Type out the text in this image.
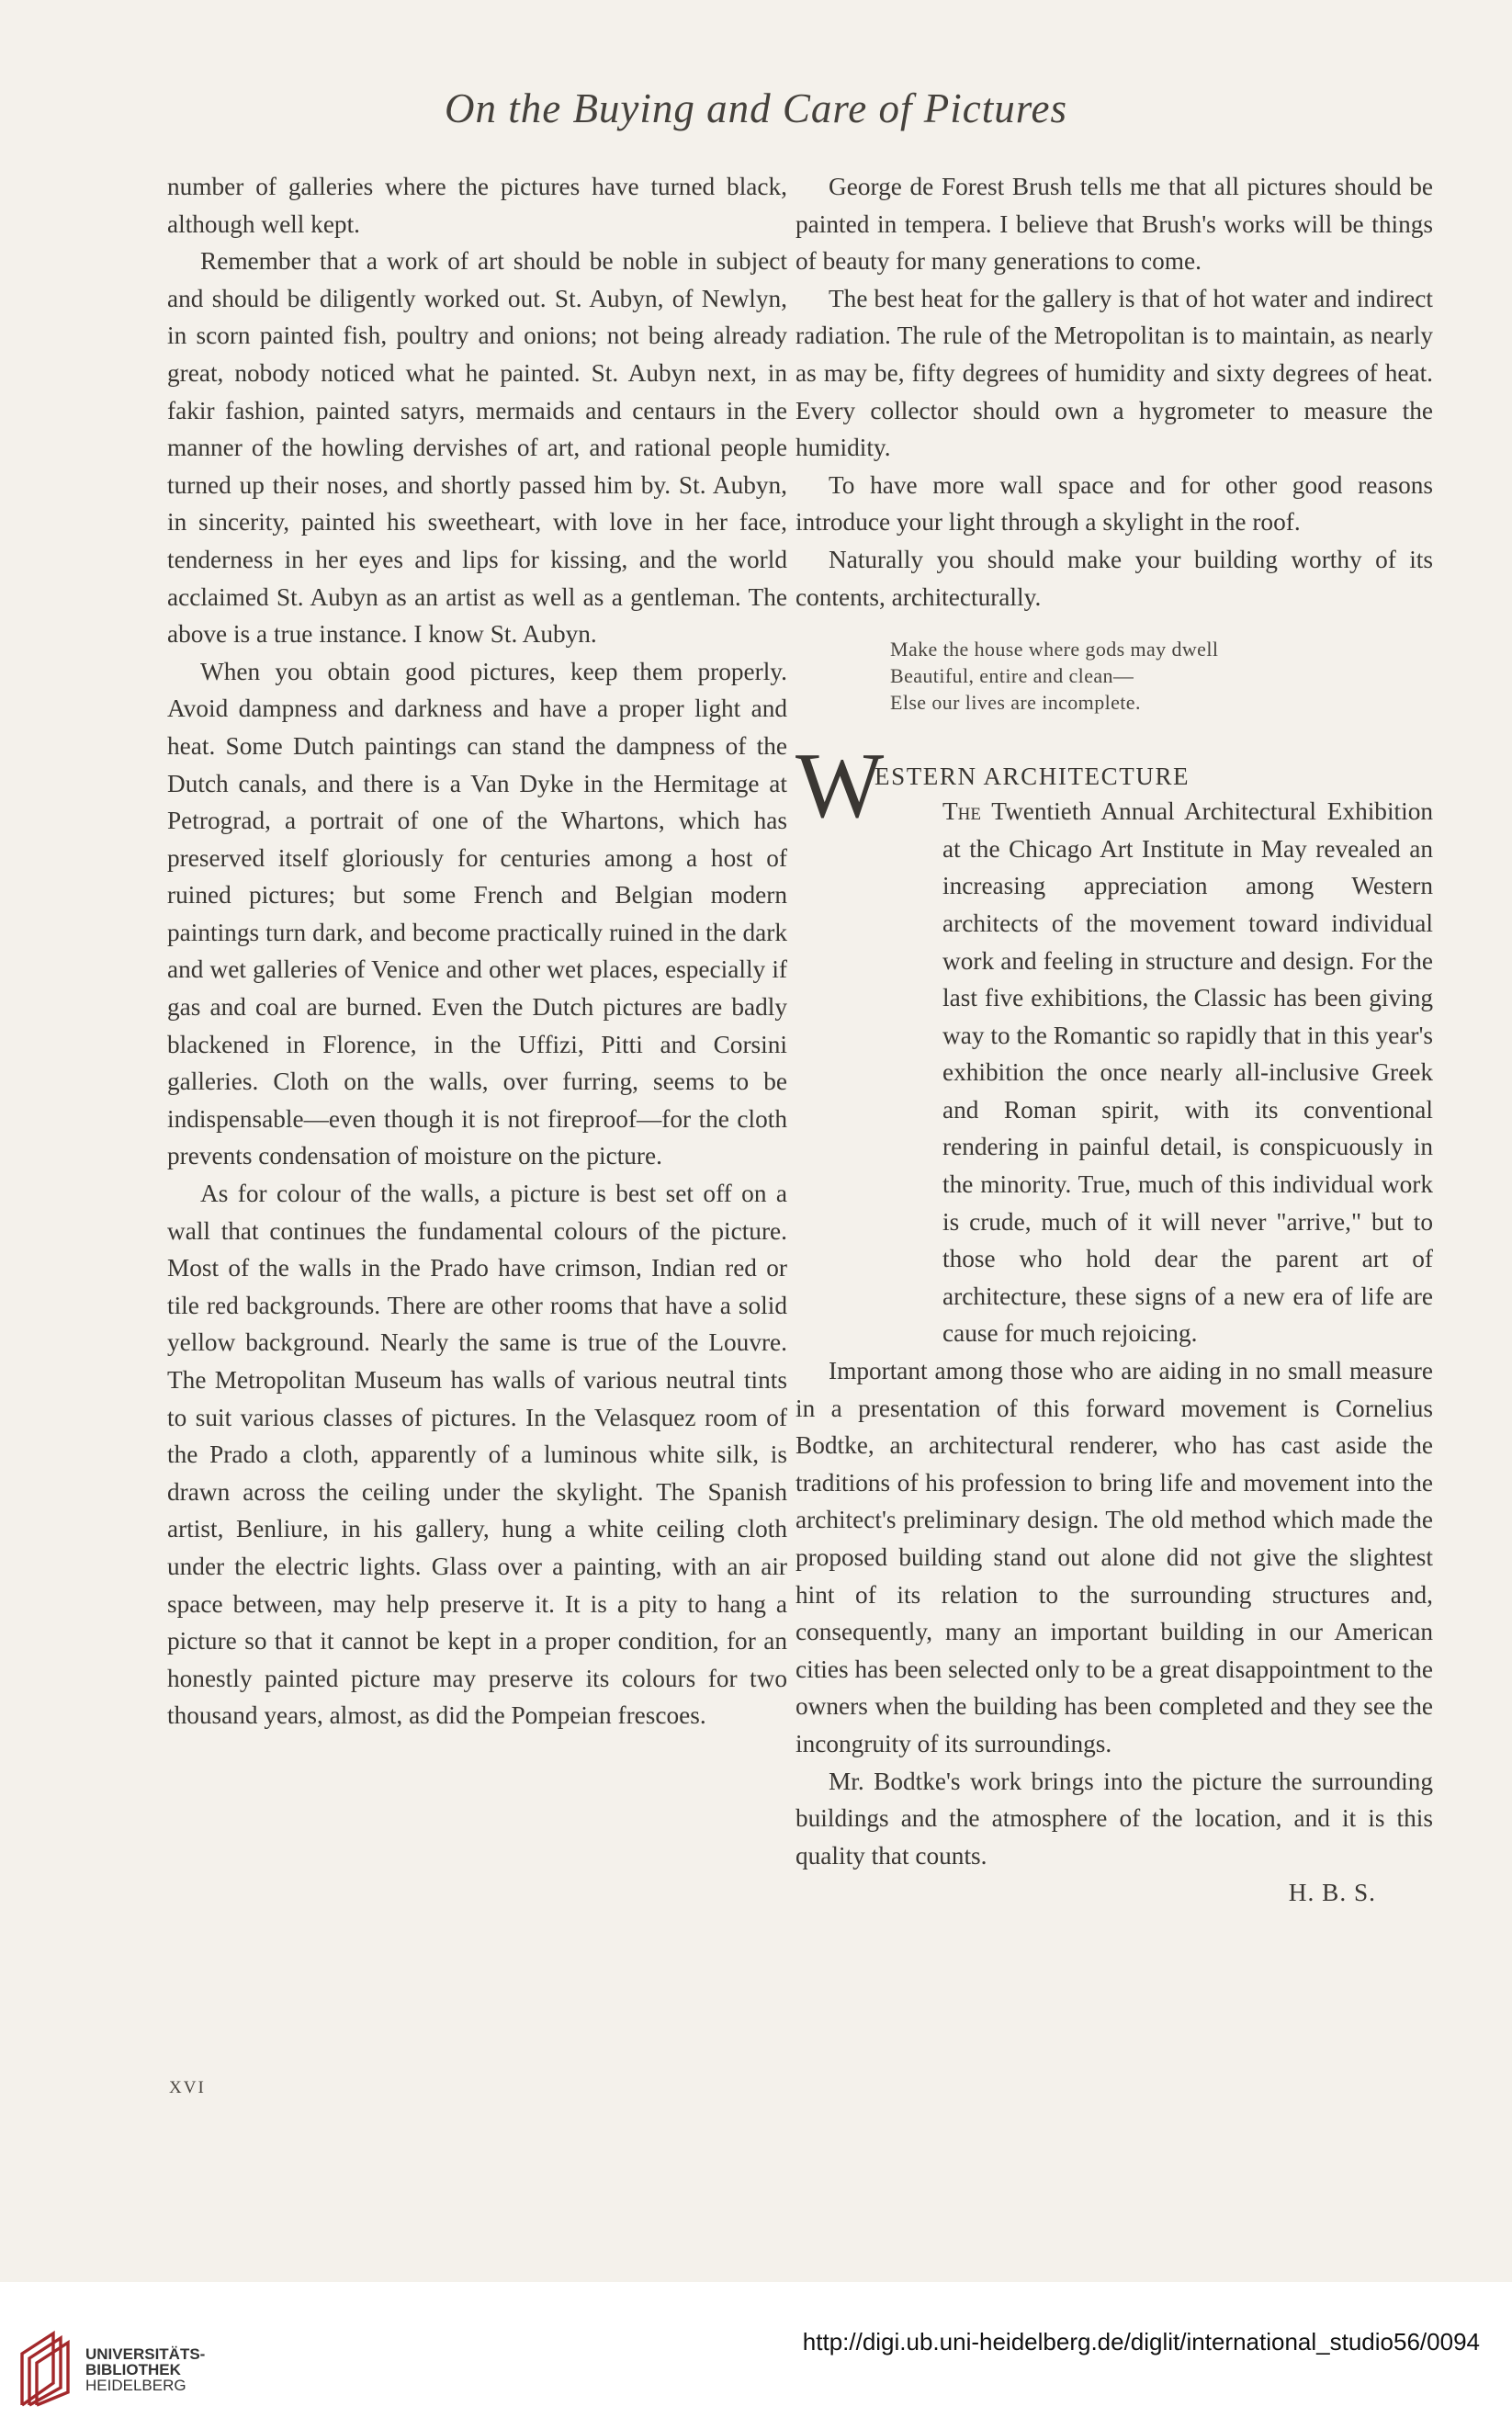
On the Buying and Care of Pictures

number of galleries where the pictures have turned black, although well kept.

Remember that a work of art should be noble in subject and should be diligently worked out. St. Aubyn, of Newlyn, in scorn painted fish, poultry and onions; not being already great, nobody noticed what he painted. St. Aubyn next, in fakir fashion, painted satyrs, mermaids and centaurs in the manner of the howling dervishes of art, and rational people turned up their noses, and shortly passed him by. St. Aubyn, in sincerity, painted his sweetheart, with love in her face, tenderness in her eyes and lips for kissing, and the world acclaimed St. Aubyn as an artist as well as a gentleman. The above is a true instance. I know St. Aubyn.

When you obtain good pictures, keep them properly. Avoid dampness and darkness and have a proper light and heat. Some Dutch paintings can stand the dampness of the Dutch canals, and there is a Van Dyke in the Hermitage at Petrograd, a portrait of one of the Whartons, which has preserved itself gloriously for centuries among a host of ruined pictures; but some French and Belgian modern paintings turn dark, and become practically ruined in the dark and wet galleries of Venice and other wet places, especially if gas and coal are burned. Even the Dutch pictures are badly blackened in Florence, in the Uffizi, Pitti and Corsini galleries. Cloth on the walls, over furring, seems to be indispensable—even though it is not fireproof—for the cloth prevents condensation of moisture on the picture.

As for colour of the walls, a picture is best set off on a wall that continues the fundamental colours of the picture. Most of the walls in the Prado have crimson, Indian red or tile red backgrounds. There are other rooms that have a solid yellow background. Nearly the same is true of the Louvre. The Metropolitan Museum has walls of various neutral tints to suit various classes of pictures. In the Velasquez room of the Prado a cloth, apparently of a luminous white silk, is drawn across the ceiling under the skylight. The Spanish artist, Benliure, in his gallery, hung a white ceiling cloth under the electric lights. Glass over a painting, with an air space between, may help preserve it. It is a pity to hang a picture so that it cannot be kept in a proper condition, for an honestly painted picture may preserve its colours for two thousand years, almost, as did the Pompeian frescoes.

George de Forest Brush tells me that all pictures should be painted in tempera. I believe that Brush's works will be things of beauty for many generations to come.

The best heat for the gallery is that of hot water and indirect radiation. The rule of the Metropolitan is to maintain, as nearly as may be, fifty degrees of humidity and sixty degrees of heat. Every collector should own a hygrometer to measure the humidity.

To have more wall space and for other good reasons introduce your light through a skylight in the roof.

Naturally you should make your building worthy of its contents, architecturally.

Make the house where gods may dwell
Beautiful, entire and clean—
Else our lives are incomplete.
W
ESTERN ARCHITECTURE

The Twentieth Annual Architectural Exhibition at the Chicago Art Institute in May revealed an increasing appreciation among Western architects of the movement toward individual work and feeling in structure and design. For the last five exhibitions, the Classic has been giving way to the Romantic so rapidly that in this year's exhibition the once nearly all-inclusive Greek and Roman spirit, with its conventional rendering in painful detail, is conspicuously in the minority. True, much of this individual work is crude, much of it will never "arrive," but to those who hold dear the parent art of architecture, these signs of a new era of life are cause for much rejoicing.

Important among those who are aiding in no small measure in a presentation of this forward movement is Cornelius Bodtke, an architectural renderer, who has cast aside the traditions of his profession to bring life and movement into the architect's preliminary design. The old method which made the proposed building stand out alone did not give the slightest hint of its relation to the surrounding structures and, consequently, many an important building in our American cities has been selected only to be a great disappointment to the owners when the building has been completed and they see the incongruity of its surroundings.

Mr. Bodtke's work brings into the picture the surrounding buildings and the atmosphere of the location, and it is this quality that counts.

H. B. S.

XVI
UNIVERSITÄTS-
BIBLIOTHEK
HEIDELBERG
http://digi.ub.uni-heidelberg.de/diglit/international_studio56/0094
